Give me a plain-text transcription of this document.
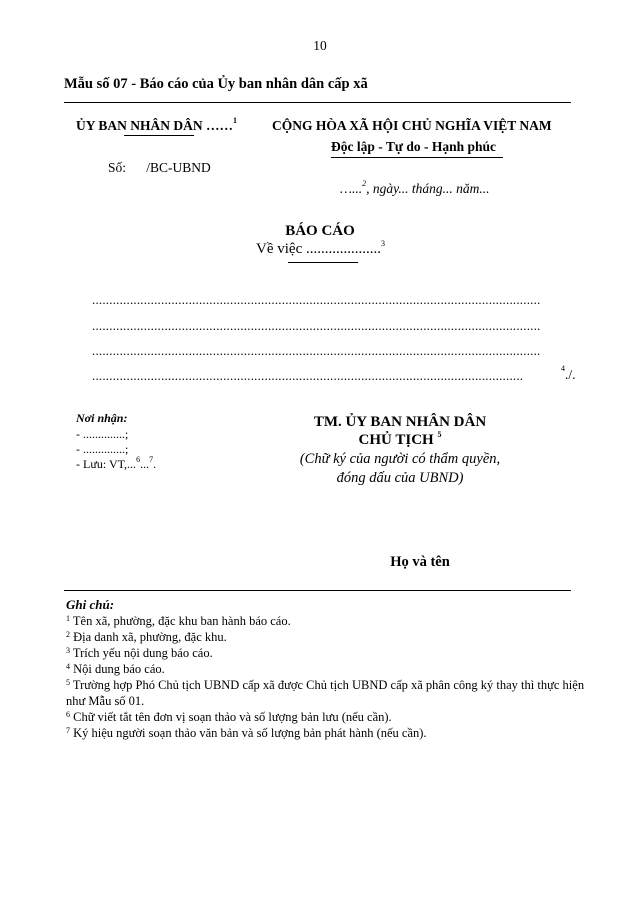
10
Mẫu số 07 - Báo cáo của Ủy ban nhân dân cấp xã
ỦY BAN NHÂN DÂN ……$^1$
Số:      /BC-UBND
CỘNG HÒA XÃ HỘI CHỦ NGHĨA VIỆT NAM
Độc lập - Tự do - Hạnh phúc
…...$^2$, ngày... tháng... năm...
BÁO CÁO
Về việc ....................$^3$
..................................................................................................................................
..................................................................................................................................
..................................................................................................................................
.............................................................................................................................	$^4$./.
Nơi nhận:
- ..............;
- ..............;
- Lưu: VT,...$^6$...$^7$.
TM. ỦY BAN NHÂN DÂN
CHỦ TỊCH $^5$
(Chữ ký của người có thẩm quyền,
đóng dấu của UBND)
Họ và tên
Ghi chú:
$^1$ Tên xã, phường, đặc khu ban hành báo cáo.
$^2$ Địa danh xã, phường, đặc khu.
$^3$ Trích yếu nội dung báo cáo.
$^4$ Nội dung báo cáo.
$^5$ Trường hợp Phó Chủ tịch UBND cấp xã được Chủ tịch UBND cấp xã phân công ký thay thì thực hiện như Mẫu số 01.
$^6$ Chữ viết tắt tên đơn vị soạn thảo và số lượng bản lưu (nếu cần).
$^7$ Ký hiệu người soạn thảo văn bản và số lượng bản phát hành (nếu cần).
